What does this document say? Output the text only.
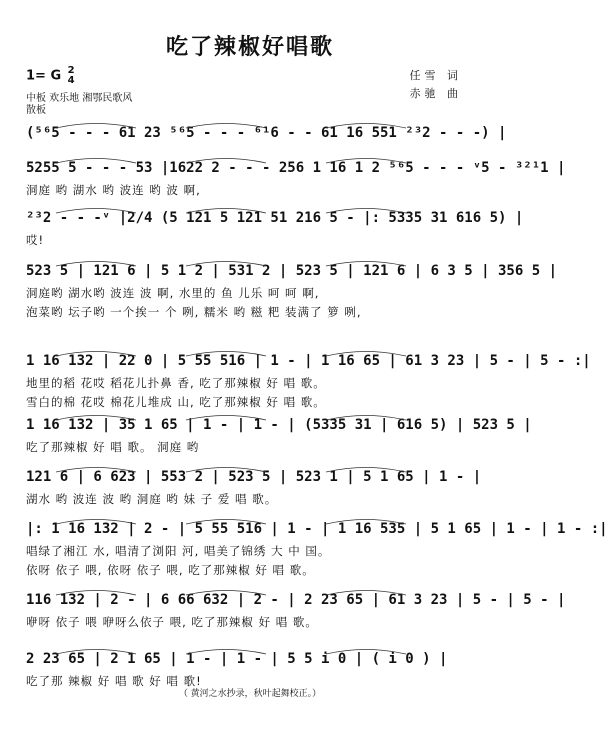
吃了辣椒好唱歌
1= G 2
4
中板 欢乐地 湘鄂民歌风
散板
任雪 词
赤驰 曲
(⁵⁶5 - - - 61 23 ⁵⁶5 - - - ⁶¹6 - - 61 16 551 ²³2 - - -) |
5255 5 - - - 53 |1622 2 - - - 256 1 16 1 2 ⁵⁶5 - - - ᵛ5 - ³²¹1 |
洞庭 哟 湖水 哟 波连 哟 波 啊,
²³2 - - -ᵛ |2/4 (5 121 5 121 51 216 5 - |: 5335 31 616 5) |
哎!
523 5 | 121 6 | 5 1 2 | 531 2 | 523 5 | 121 6 | 6 3 5 | 356 5 |
洞庭哟 湖水哟 波连 波 啊, 水里的 鱼 儿乐 呵 呵 啊,
泡菜哟 坛子哟 一个挨一 个 咧, 糯米 哟 糍 粑 装满了 箩 咧,
1 16 132 | 22 0 | 5 55 516 | 1 - | 1 16 65 | 61 3 23 | 5 - | 5 - :|
地里的稻 花哎 稻花儿扑鼻 香, 吃了那辣椒 好 唱 歌。
雪白的棉 花哎 棉花儿堆成 山, 吃了那辣椒 好 唱 歌。
1 16 132 | 35 1 65 | 1 - | 1 - | (5335 31 | 616 5) | 523 5 |
吃了那辣椒 好 唱 歌。 洞庭 哟
121 6 | 6 623 | 553 2 | 523 5 | 523 1 | 5 1 65 | 1 - |
湖水 哟 波连 波 哟 洞庭 哟 妹 子 爱 唱 歌。
|: 1 16 132 | 2 - | 5 55 516 | 1 - | 1 16 535 | 5 1 65 | 1 - | 1 - :|
唱绿了湘江 水, 唱清了浏阳 河, 唱美了锦绣 大 中 国。
依呀 依子 喂, 依呀 依子 喂, 吃了那辣椒 好 唱 歌。
116 132 | 2 - | 6 66 632 | 2 - | 2 23 65 | 61 3 23 | 5 - | 5 - |
咿呀 依子 喂 咿呀么依子 喂, 吃了那辣椒 好 唱 歌。
2 23 65 | 2 1 65 | 1 - | 1 - | 5 5 i 0 | ( i 0 ) |
吃了那 辣椒 好 唱 歌 好 唱 歌!
（ 黄河之水抄录，秋叶起舞校正。）
